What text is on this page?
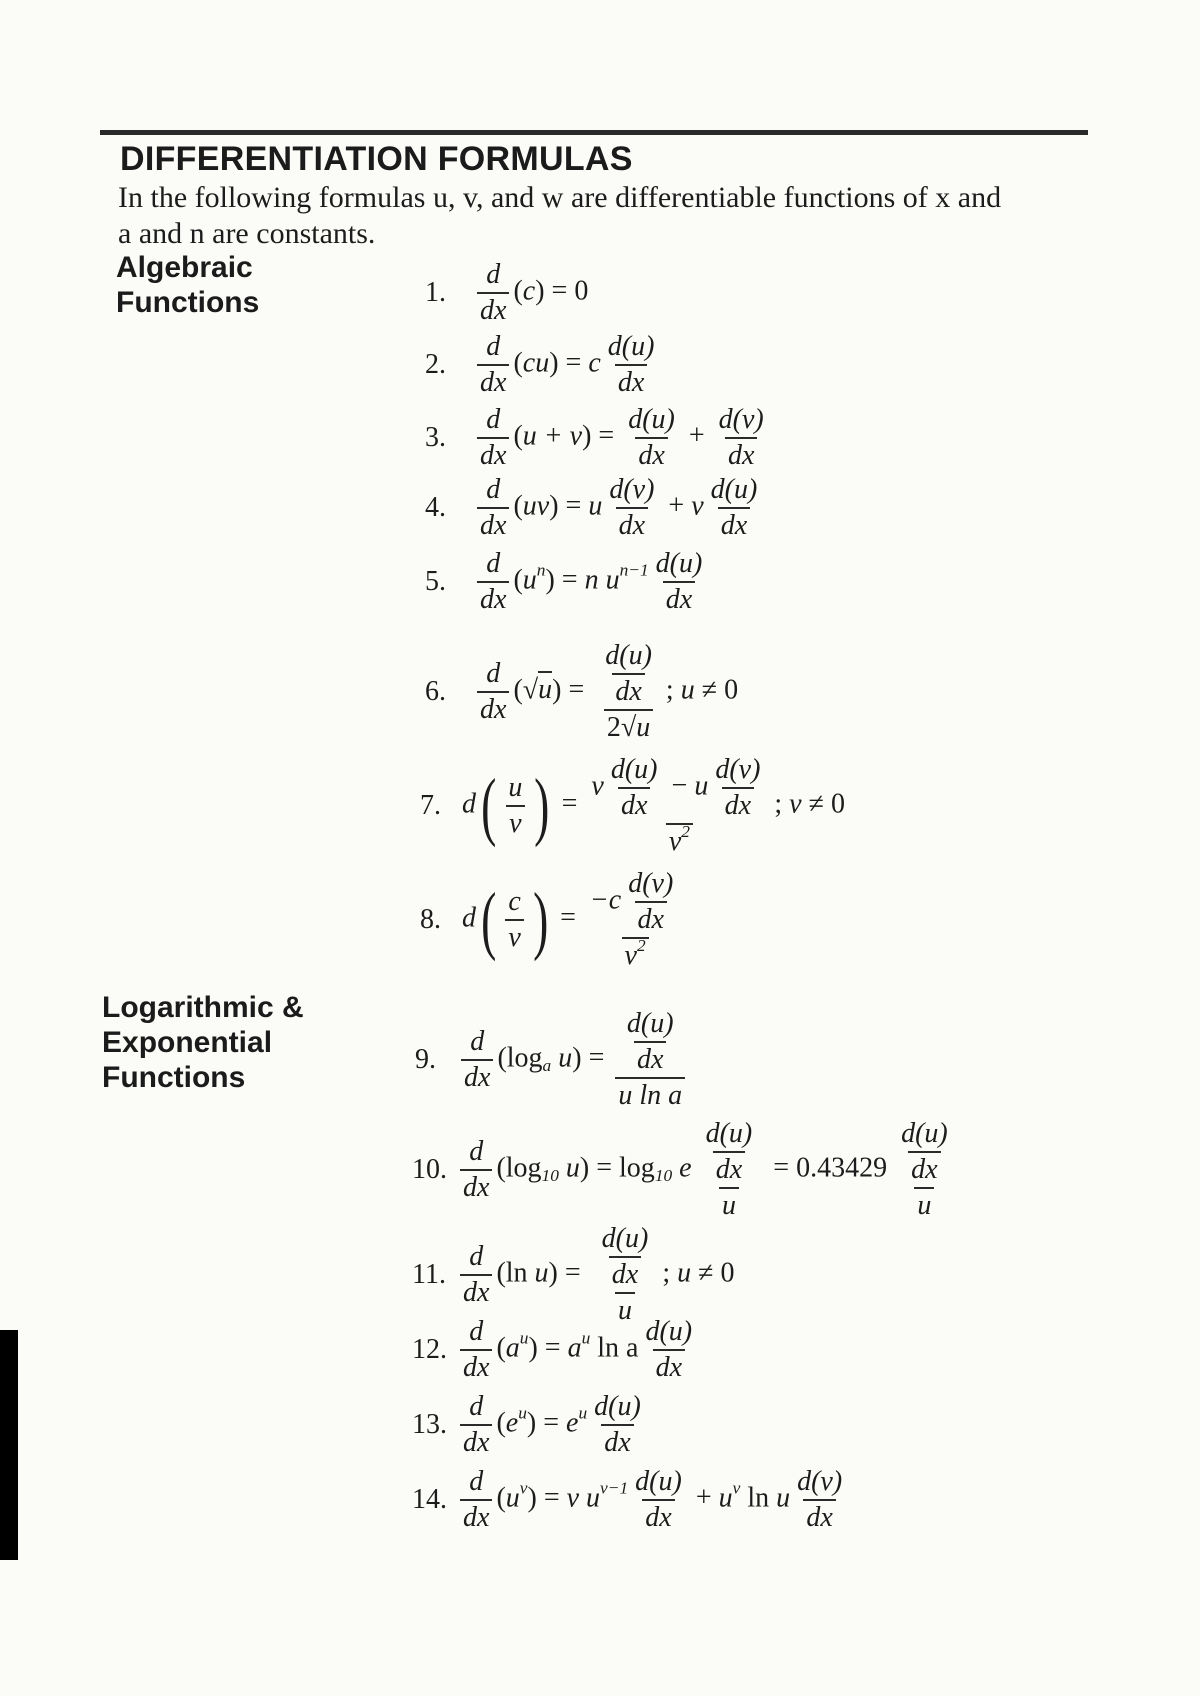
DIFFERENTIATION FORMULAS

In the following formulas u, v, and w are differentiable functions of x and

a and n are constants.

Algebraic
Functions
Logarithmic &
Exponential
Functions
1. $\frac{d}{dx} (c) = 0$
2. $\frac{d}{dx} (cu) = c \frac{d(u)}{dx}$
3. $\frac{d}{dx} (u + v) = \frac{d(u)}{dx} + \frac{d(v)}{dx}$
4. $\frac{d}{dx} (uv) = u \frac{d(v)}{dx} + v \frac{d(u)}{dx}$
5. $\frac{d}{dx} (u^n) = n$ $u^{n-1} \frac{d(u)}{dx}$
6. $\frac{d}{dx} (√u) = \frac{\frac{d(u)}{dx}}{2√u}$ ; u ≠ 0
7. $d( \frac{u}{v}$ ) = $\frac{v \frac{d(u)}{dx} - u \frac{d(v)}{dx}}{v^2}$ ; v ≠ 0
8. $d( \frac{c}{v}$ ) = $\frac{-c \frac{d(v)}{dx}}{v^2}$
9. $\frac{d}{dx} (\log_a$ $u) = \frac{\frac{d(u)}{dx}}{\text{u ln a}}$
10. $\frac{d}{dx} (\log_{10}$ $u) = \log_{10} e \frac{\frac{d(u)}{dx}}{u} = 0.43429 \frac{\frac{d(u)}{dx}}{u}$
11. $\frac{d}{dx} (\ln$ $u) = \frac{\frac{d(u)}{dx}}{u}$ ; u ≠ 0
12. $\frac{d}{dx} (a^u) = a^u$ ln a $\frac{d(u)}{dx}$
13. $\frac{d}{dx} (e^u) = e^u \frac{d(u)}{dx}$
14. $\frac{d}{dx} (u^v) = v$ $u^{v-1} \frac{d(u)}{dx} + u^v$ ln u $\frac{d(v)}{dx}$
